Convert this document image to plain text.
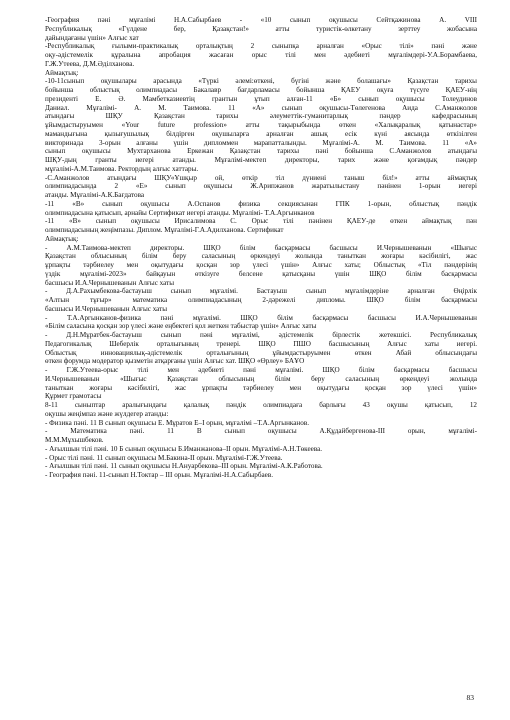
-География пәні мұғалімі Н.А.Сабырбаев - «10 сынып оқушысы Сейтқажинова А. VIII
Республикалық «Гүлдене бер, Қазақстан!» атты туристік-өлкетану зерттеу жобасына
дайындағаны үшін» Алғыс хат
-Республикалық ғылыми-практикалық орталықтың 2 сыныпқа арналған «Орыс тілі» пәні және
оқу-әдістемелік құралына апробация жасаған орыс тілі мен әдебиеті мұғалімдері-У.А.Борамбаева,
Г.Ж.Утеева, Д.М.Әділханова.
Аймақтық:
-10-11сынып оқушылары арасында «Түркі әлемі:өткені, бүгіні және болашағы» Қазақстан тарихы
бойынша облыстық олимпиадасы Бакалавр бағдарламасы бойынша ҚАЕУ оқуға түсуге ҚАЕУ-нің
президенті Е. Ә. Мамбетказиевтің грантын ұтып алған-11 «Б» сынып оқушысы Толеудинов
Даниал. Мұғалімі- А. М. Таимова. 11 «А» сынып оқушысы-Төлегенова Аида С.Аманжолов
атындағы ШҚУ Қазақстан тарихы әлеуметтік-гуманитарлық пәндер кафедрасының
ұйымдастыруымен «Your future profession» атты тақырыбында өткен «Халықаралық қатынастар»
мамандығына қызығушылық білдірген оқушыларға арналған ашық есік күні аясында өткізілген
викторинада 3-орын алғаны үшін дипломмен марапатталынды. Мұғалімі-А. М. Таимова. 11 «А»
сынып оқушысы Мухтарханова Еркежан Қазақстан тарихы пәні бойынша С.Аманжолов атындағы
ШҚУ-дың гранты иегері атанды. Мұғалімі-мектеп директоры, тарих және қоғамдық пәндер
мұғалімі-А.М.Таимова. Ректордың алғыс хаттары.
-С.Аманжолов атындағы ШҚУ«Ұшқыр ой, өткір тіл дүниені таныш біл!» атты аймақтық
олимпиадасында 2 «Е» сынып оқушысы Ж.Арипжанов жаратылыстану пәнінен 1-орын иегері
атанды. Мұғалімі-А.К.Бағдатова
-11 «В» сынып оқушысы А.Оспанов физика секциясынан ГПК 1-орын, облыстық пәндік
олимпиадасына қатысып, арнайы Сертификат иегері атанды. Мұғалімі- Т.А.Аргынканов
-11 «В» сынып оқушысы Ирисалимова С. Орыс тілі пәнінен ҚАЕУ-де өткен аймақтық пән
олимпиадасының жеңімпазы. Диплом. Мұғалімі-Г.А.Адилханова. Сертификат
Аймақтық:
- А.М.Таимова-мектеп директоры. ШҚО білім басқармасы басшысы И.Чернышеванын «Шығыс
Қазақстан облысының білім беру саласының өркендеуі жолында таныткан жоғары кәсібилігі, жас
ұрпақты тәрбиелеу мен оқытудағы қосқан зор үлесі үшін» Алғыс хаты; Облыстық «Тіл пәндерінің
үздік мұғалімі-2023» байқауын өткізуге белсене қатысқаны үшін ШҚО білім басқармасы
басшысы И.А.Чернышеванын Алғыс хаты
- Д.А.Рахымбекова-бастауыш сынып мұғалімі. Бастауыш сынып мұғалімдеріне арналған Өңірлік
«Алтын тұғыр» математика олимпиадасының 2-дәрежелі дипломы. ШҚО білім басқармасы
басшысы И.Чернышеванын Алғыс хаты
- Т.А.Аргынканов-физика пәні мұғалімі. ШҚО білім басқармасы басшысы И.А.Чернышеванын
«Білім саласына қосқан зор үлесі және еңбектегі қол жеткен табыстар үшін» Алғыс хаты
- Д.Н.Мұратбек-бастауыш сынып пәні мұғалімі, әдістемелік бірлестік жетекшісі. Республикалық
Педагогикалық Шеберлік орталығының тренері. ШҚО ПШО басшысының Алғыс хаты иегері.
Облыстық инновациялық-әдістемелік орталығының ұйымдастыруымен өткен Абай облысындағы
өткен форумда модератор қызметін атқарғаны үшін Алғыс хат. ШҚО «Өрлеу» БАҰО
- Г.Ж.Утеева-орыс тілі мен әдебиеті пәні мұғалімі. ШҚО білім басқармасы басшысы
И.Чернышеванын «Шығыс Қазақстан облысының білім беру саласының өркендеуі жолында
таныткан жоғары кәсібилігі, жас ұрпақты тәрбиелеу мен оқытудағы қосқан зор үлесі үшін»
Құрмет грамотасы
8-11 сыныптар аралығындағы қалалық пәндік олимпиадаға барлығы 43 оқушы қатысып, 12
оқушы жеңімпаз және жүлдегер атанды:
- Физика пәні. 11 В сынып оқушысы Е. Мұратов Е–I орын, мұғалімі –Т.А.Аргынканов.
- Математика пәні. 11 В сынып оқушысы А.Құдайбергенова-III орын, мұғалімі-
М.М.Мұхышбеков.
- Ағылшын тілі пәні. 10 Б сынып оқушысы Б.Иманжанова–II орын. Мұғалімі-А.Н.Төкеева.
- Орыс тілі пәні. 11 сынып оқушысы М.Бакина-II орын. Мұғалімі-Г.Ж.Утеева.
- Ағылшын тілі пәні. 11 сынып оқушысы Н.Ануарбекова–III орын. Мұғалімі-А.К.Работова.
- География пәні. 11-сынып Н.Токтар – III орын. Мұғалімі-Н.А.Сабырбаев.
83
